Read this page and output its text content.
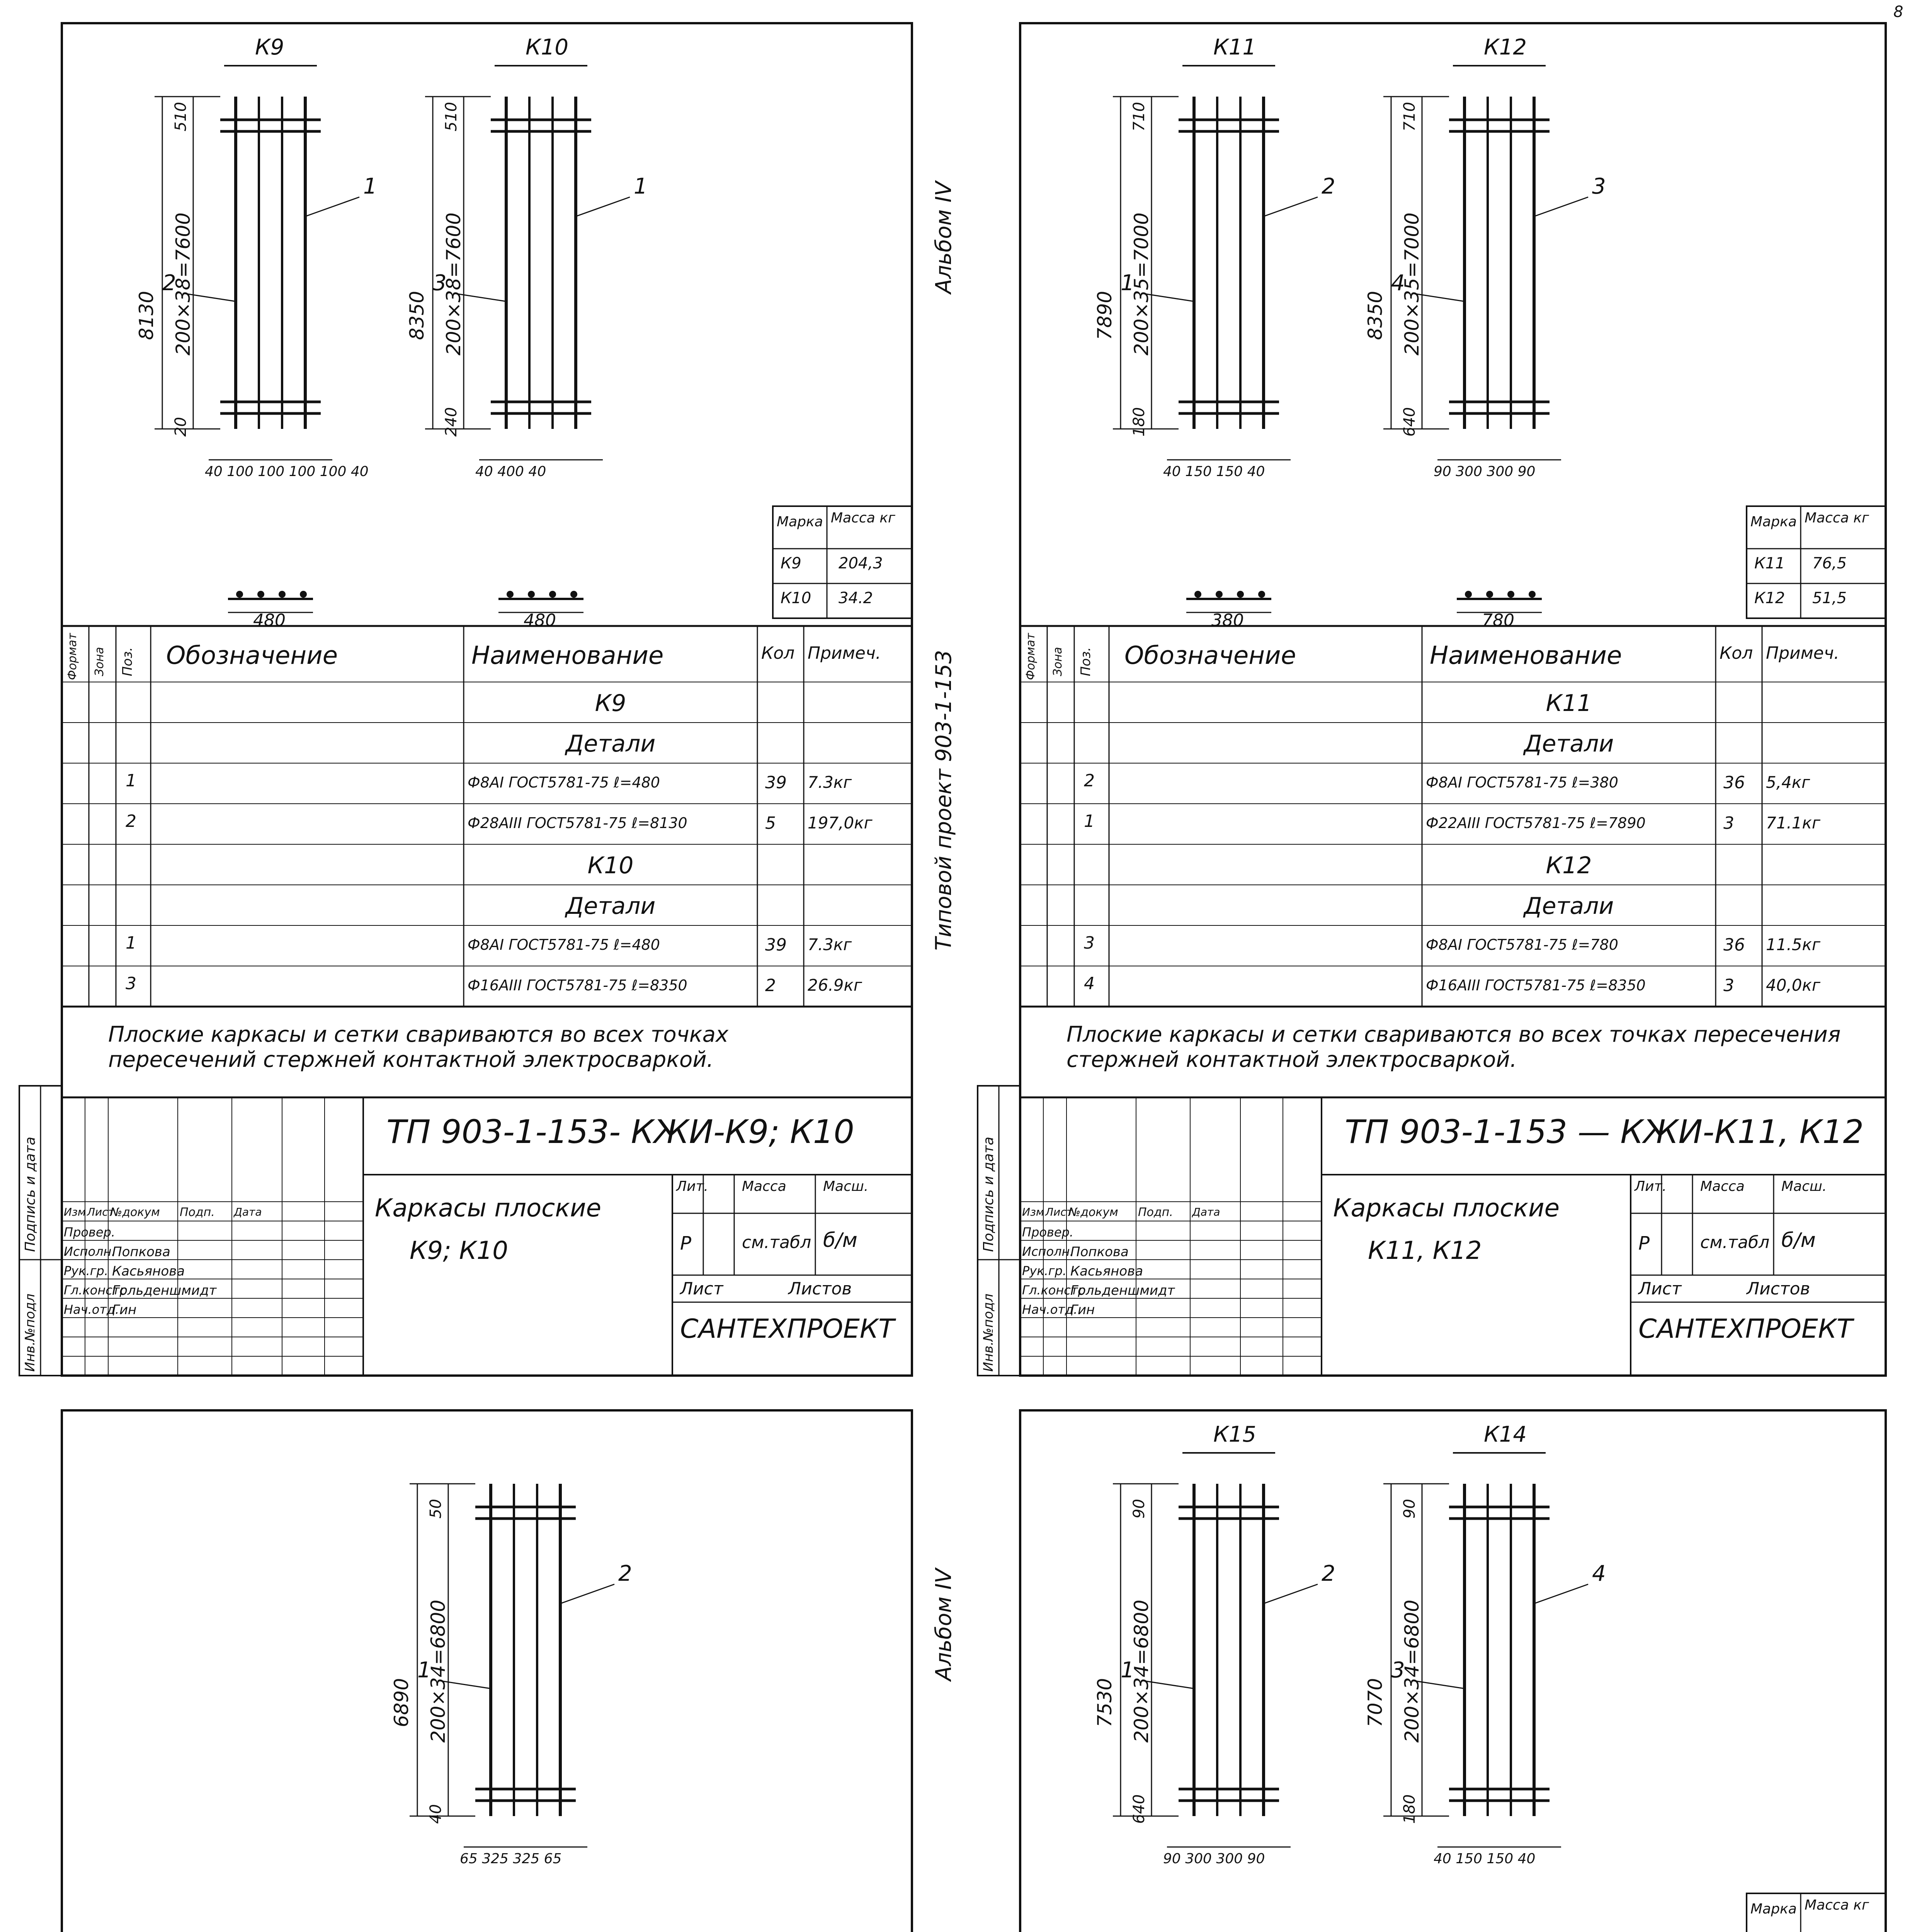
8
Подпись и дата
Инв.№подл
К9
8130 200×38=7600
510
20
40 100 100 100 100 40
480
1
2
К10
8350 200×38=7600
510
240
40 400 40
480
1
3
Марка Масса кг
К9 204,3
К10 34.2
Формат Зона Поз. Обозначение	Наименование	Кол Примеч.
К9
Детали
1	Ф8АI ГОСТ5781-75 ℓ=480	39 7.3кг
2	Ф28АIII ГОСТ5781-75 ℓ=8130	5 197,0кг
К10
Детали
1	Ф8АI ГОСТ5781-75 ℓ=480	39 7.3кг
3	Ф16АIII ГОСТ5781-75 ℓ=8350	2 26.9кг
Плоские каркасы и сетки свариваются во всех точках пересечений стержней контактной электросваркой.
ТП 903-1-153- КЖИ-К9; К10
Каркасы плоские
К9; К10
Лит. Масса	Масш.
Р	см.табл б/м
Лист	Листов
САНТЕХПРОЕКТ
Изм Лист
№докум Подп. Дата
Провер.
Исполн.
Попкова
Рук.гр. Касьянова
Гл.констр
Гольденшмидт
Нач.отд.
Гин
Подпись и дата
Инв.№подл
Альбом IV
Типовой проект 903-1-153
К11
7890 200×35=7000
710
180
40 150 150 40
380
2
1
К12
8350 200×35=7000
710
640
90 300 300 90
780
3
4
Марка Масса кг
К11 76,5
К12 51,5
Формат Зона Поз. Обозначение	Наименование	Кол Примеч.
К11
Детали
2	Ф8АI ГОСТ5781-75 ℓ=380	36 5,4кг
1	Ф22АIII ГОСТ5781-75 ℓ=7890	3 71.1кг
К12
Детали
3	Ф8АI ГОСТ5781-75 ℓ=780	36 11.5кг
4	Ф16АIII ГОСТ5781-75 ℓ=8350	3 40,0кг
Плоские каркасы и сетки свариваются во всех точках пересечения стержней контактной электросваркой.
ТП 903-1-153 — КЖИ-К11, К12
Каркасы плоские
К11, К12
Лит. Масса	Масш.
Р	см.табл б/м
Лист	Листов
САНТЕХПРОЕКТ
Изм Лист
№докум Подп. Дата
Провер.
Исполн.
Попкова
Рук.гр. Касьянова
Гл.констр
Гольденшмидт
Нач.отд.
Гин
6890 200×34=6800
50
40
65 325 325 65
2
1	Альбом IV
К15
7530 200×34=6800
90
640
90 300 300 90
2
1
К14
7070 200×34=6800
90
180
40 150 150 40
4
3
Марка Масса кг
